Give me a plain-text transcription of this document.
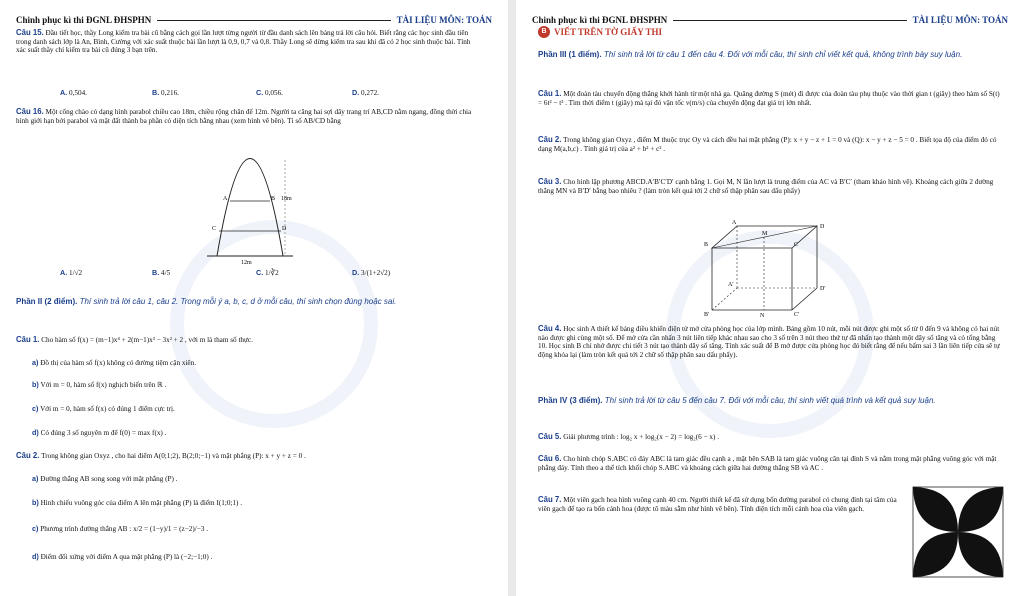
Chinh phục kì thi ĐGNL ĐHSPHN	TÀI LIỆU MÔN: TOÁN
Câu 15. Đầu tiết học, thầy Long kiểm tra bài cũ bằng cách gọi lần lượt từng người từ đầu danh sách lên bảng trả lời câu hỏi. Biết rằng các học sinh đầu tiên trong danh sách lớp là An, Bình, Cường với xác suất thuộc bài lần lượt là 0,9, 0,7 và 0,8. Thầy Long sẽ dừng kiểm tra sau khi đã có 2 học sinh thuộc bài. Tính xác suất thầy chỉ kiểm tra bài cũ đúng 3 bạn trên.
A. 0,504.	B. 0,216.	C. 0,056.	D. 0,272.
Câu 16. Một cổng chào có dạng hình parabol chiều cao 18m, chiều rộng chân đế 12m. Người ta căng hai sợi dây trang trí AB,CD nằm ngang, đồng thời chia hình giới hạn bởi parabol và mặt đất thành ba phần có diện tích bằng nhau (xem hình vẽ bên). Tỉ số AB/CD bằng
A	B
C	D
18m
12m
A. 1/√2	B. 4/5	C. 1/∛2	D. 3/(1+2√2)
Phần II (2 điểm). Thí sinh trả lời câu 1, câu 2. Trong mỗi ý a, b, c, d ở mỗi câu, thí sinh chọn đúng hoặc sai.
Câu 1. Cho hàm số f(x) = (m−1)x⁴ + 2(m−1)x³ − 3x² + 2 , với m là tham số thực.
a) Đồ thị của hàm số f(x) không có đường tiệm cận xiên.
b) Với m = 0, hàm số f(x) nghịch biến trên ℝ .
c) Với m = 0, hàm số f(x) có đúng 1 điểm cực trị.
d) Có đúng 3 số nguyên m để f(0) = max f(x) .
Câu 2. Trong không gian Oxyz , cho hai điểm A(0;1;2), B(2;0;−1) và mặt phẳng (P): x + y + z = 0 .
a) Đường thẳng AB song song với mặt phẳng (P) .
b) Hình chiếu vuông góc của điểm A lên mặt phẳng (P) là điểm I(1;0;1) .
c) Phương trình đường thẳng AB : x/2 = (1−y)/1 = (z−2)/−3 .
d) Điểm đối xứng với điểm A qua mặt phẳng (P) là (−2;−1;0) .
Chinh phục kì thi ĐGNL ĐHSPHN	TÀI LIỆU MÔN: TOÁN
B VIẾT TRÊN TỜ GIẤY THI
Phần III (1 điểm). Thí sinh trả lời từ câu 1 đến câu 4. Đối với mỗi câu, thí sinh chỉ viết kết quả, không trình bày suy luận.
Câu 1. Một đoàn tàu chuyển động thẳng khởi hành từ một nhà ga. Quãng đường S (mét) đi được của đoàn tàu phụ thuộc vào thời gian t (giây) theo hàm số S(t) = 6t² − t³ . Tìm thời điểm t (giây) mà tại đó vận tốc v(m/s) của chuyển động đạt giá trị lớn nhất.
Câu 2. Trong không gian Oxyz , điểm M thuộc trục Oy và cách đều hai mặt phẳng (P): x + y − z + 1 = 0 và (Q): x − y + z − 5 = 0 . Biết tọa độ của điểm đó có dạng M(a,b,c) . Tính giá trị của a² + b² + c² .
Câu 3. Cho hình lập phương ABCD.A′B′C′D′ cạnh bằng 1. Gọi M, N lần lượt là trung điểm của AC và B′C′ (tham khảo hình vẽ). Khoảng cách giữa 2 đường thẳng MN và B′D′ bằng bao nhiêu ? (làm tròn kết quả tới 2 chữ số thập phân sau dấu phẩy)
B	C
D
A
M
A'
D'
B'	C'
N
Câu 4. Học sinh A thiết kế bảng điều khiển điện tử mở cửa phòng học của lớp mình. Bảng gồm 10 nút, mỗi nút được ghi một số từ 0 đến 9 và không có hai nút nào được ghi cùng một số. Để mở cửa cần nhấn 3 nút liên tiếp khác nhau sao cho 3 số trên 3 nút theo thứ tự đã nhấn tạo thành một dãy số tăng và có tổng bằng 10. Học sinh B chỉ nhớ được chi tiết 3 nút tạo thành dãy số tăng. Tính xác suất để B mở được cửa phòng học đó biết rằng để nếu bấm sai 3 lần liên tiếp cửa sẽ tự động khóa lại (làm tròn kết quả tới 2 chữ số thập phân sau dấu phẩy).
Phần IV (3 điểm). Thí sinh trả lời từ câu 5 đến câu 7. Đối với mỗi câu, thí sinh viết quá trình và kết quả suy luận.
Câu 5. Giải phương trình : log₂ x + log₂(x − 2) = log₂(6 − x) .
Câu 6. Cho hình chóp S.ABC có đáy ABC là tam giác đều cạnh a , mặt bên SAB là tam giác vuông cân tại đỉnh S và nằm trong mặt phẳng vuông góc với mặt phẳng đáy. Tính theo a thể tích khối chóp S.ABC và khoảng cách giữa hai đường thẳng SB và AC .
Câu 7. Một viên gạch hoa hình vuông cạnh 40 cm. Người thiết kế đã sử dụng bốn đường parabol có chung đỉnh tại tâm của viên gạch để tạo ra bốn cánh hoa (được tô màu sẫm như hình vẽ bên). Tính diện tích mỗi cánh hoa của viên gạch.
